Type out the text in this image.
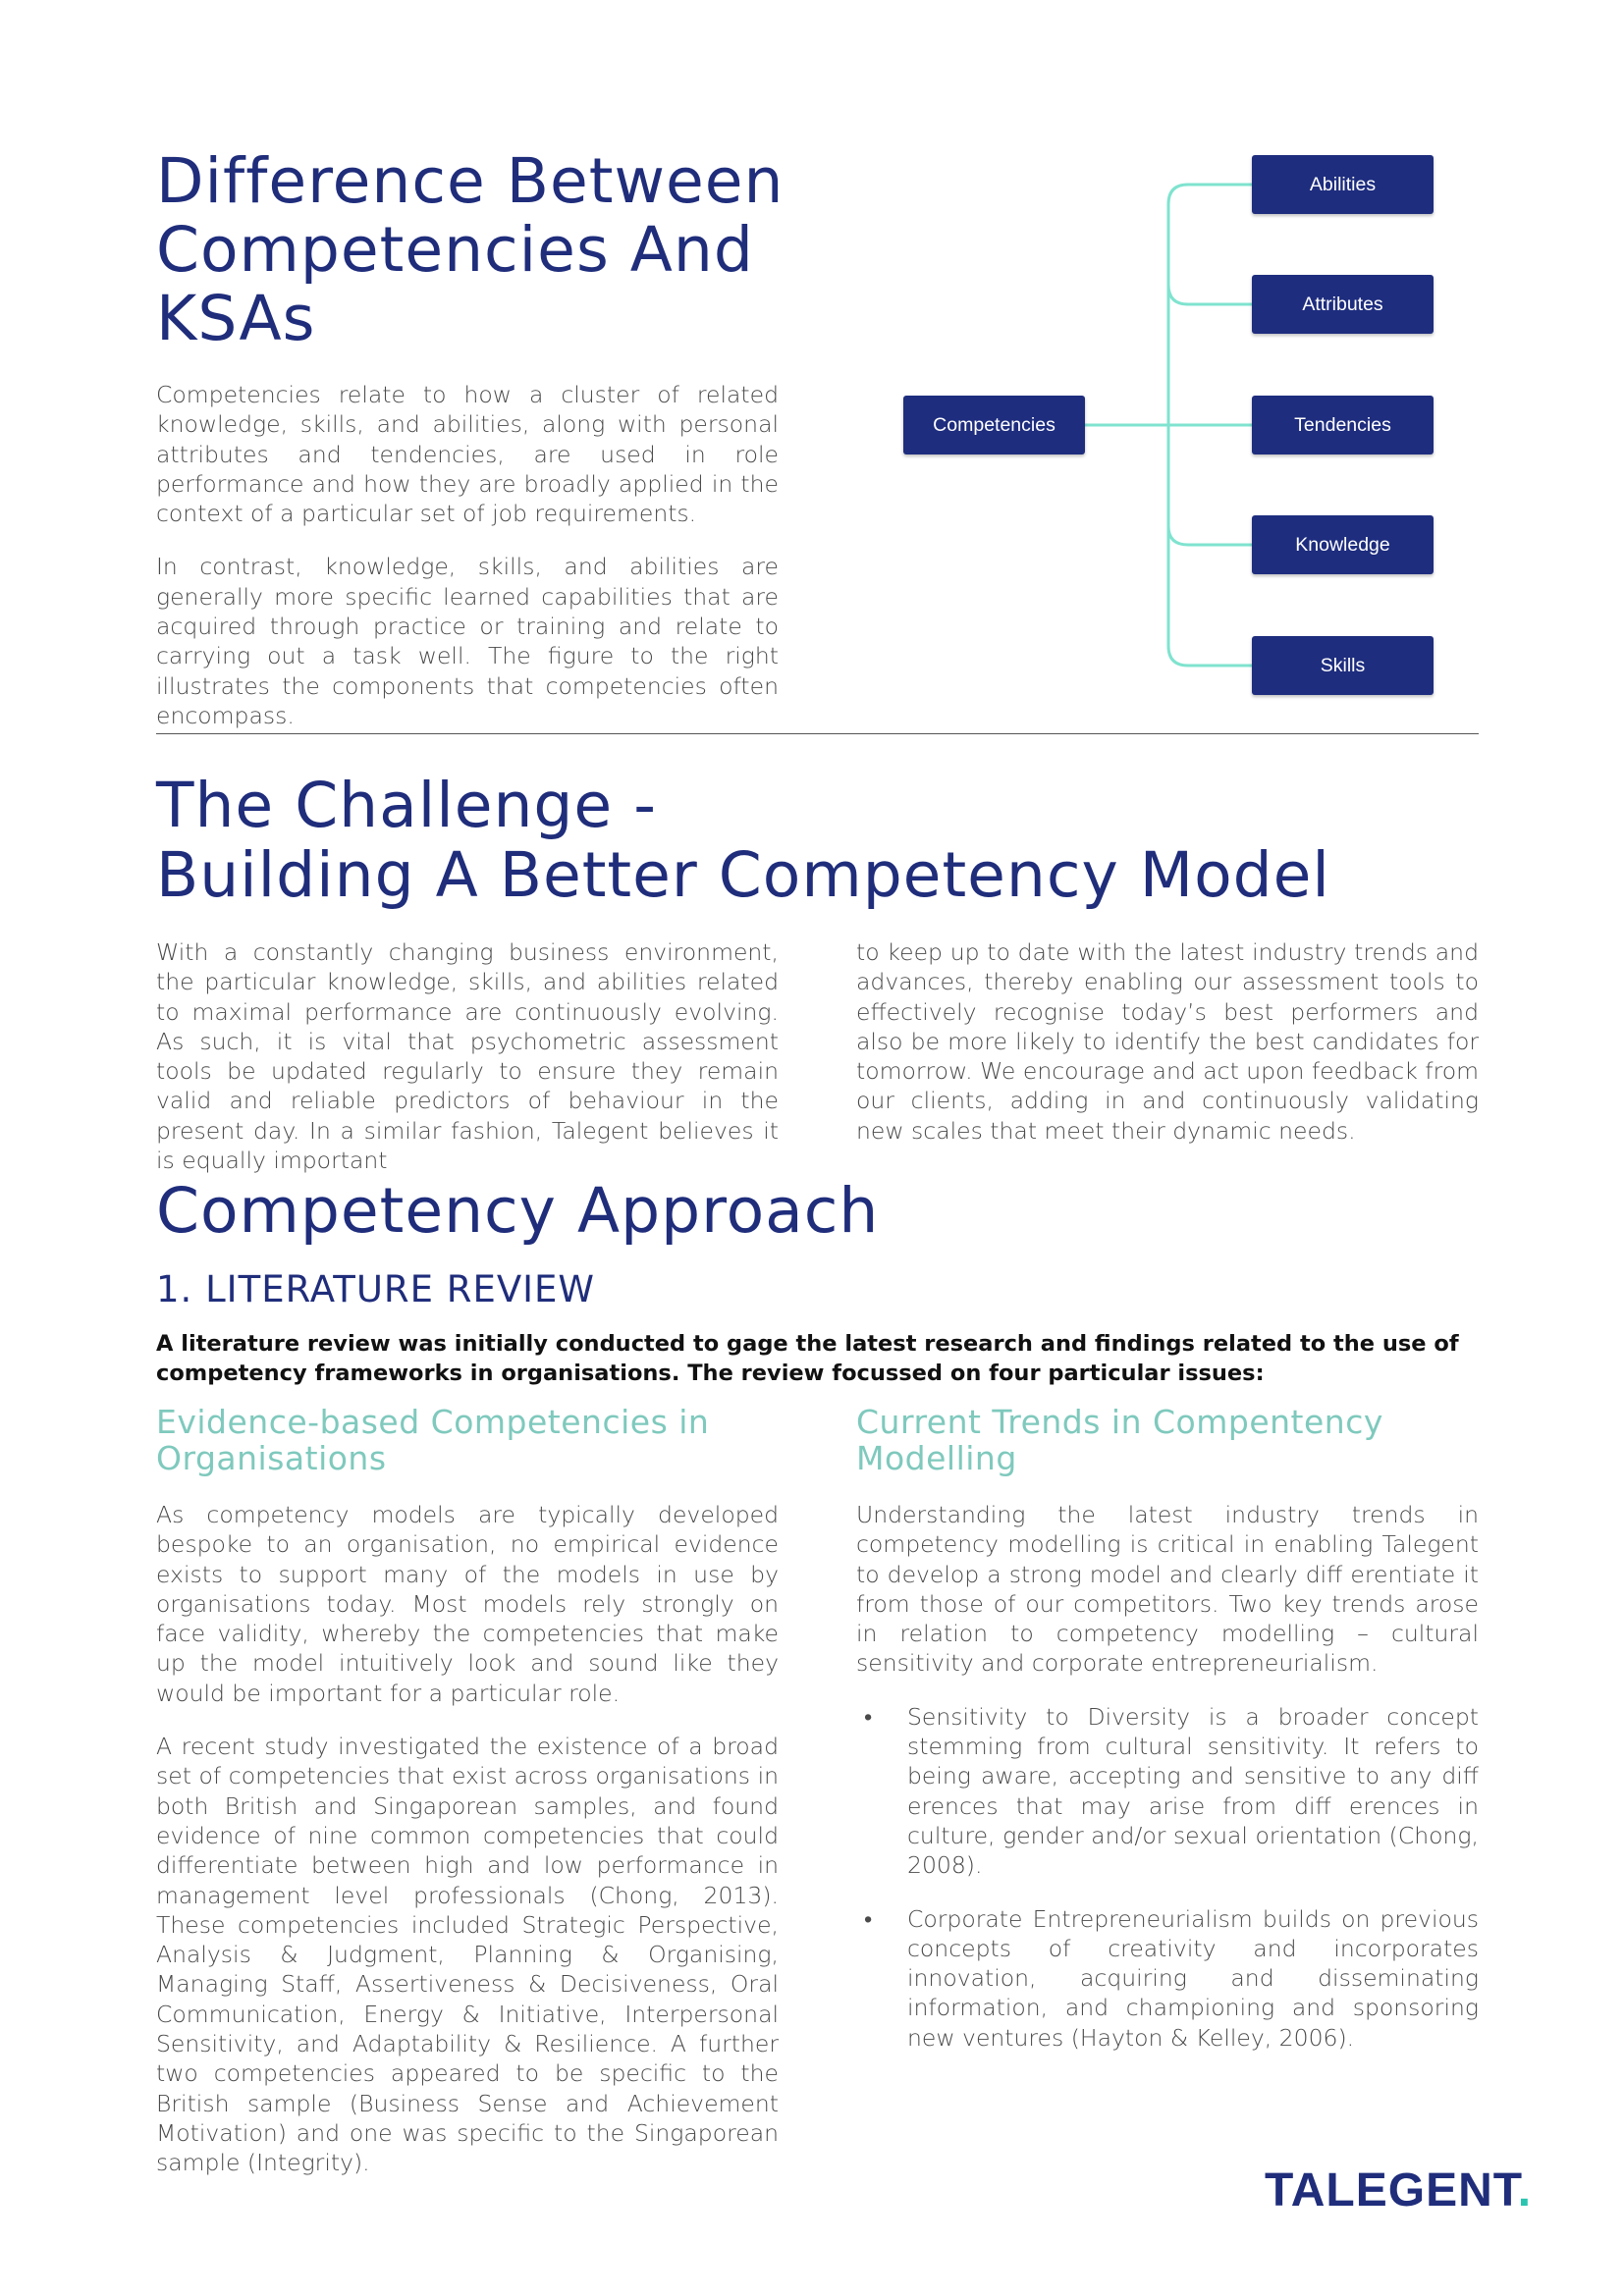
Difference Between
Competencies And
KSAs

Competencies relate to how a cluster of related knowledge, skills, and abilities, along with personal attributes and tendencies, are used in role performance and how they are broadly applied in the context of a particular set of job requirements.

In contrast, knowledge, skills, and abilities are generally more specific learned capabilities that are acquired through practice or training and relate to carrying out a task well. The figure to the right illustrates the components that competencies often encompass.

Competencies
Abilities
Attributes
Tendencies
Knowledge
Skills
The Challenge -
Building A Better Competency Model

With a constantly changing business environment, the particular knowledge, skills, and abilities related to maximal performance are continuously evolving. As such, it is vital that psychometric assessment tools be updated regularly to ensure they remain valid and reliable predictors of behaviour in the present day. In a similar fashion, Talegent believes it is equally important

to keep up to date with the latest industry trends and advances, thereby enabling our assessment tools to effectively recognise today’s best performers and also be more likely to identify the best candidates for tomorrow. We encourage and act upon feedback from our clients, adding in and continuously validating new scales that meet their dynamic needs.

Competency Approach
1. LITERATURE REVIEW

A literature review was initially conducted to gage the latest research and findings related to the use of competency frameworks in organisations. The review focussed on four particular issues:

Evidence-based Competencies in
Organisations

As competency models are typically developed bespoke to an organisation, no empirical evidence exists to support many of the models in use by organisations today. Most models rely strongly on face validity, whereby the competencies that make up the model intuitively look and sound like they would be important for a particular role.

A recent study investigated the existence of a broad set of competencies that exist across organisations in both British and Singaporean samples, and found evidence of nine common competencies that could differentiate between high and low performance in management level professionals (Chong, 2013). These competencies included Strategic Perspective, Analysis & Judgment, Planning & Organising, Managing Staff, Assertiveness & Decisiveness, Oral Communication, Energy & Initiative, Interpersonal Sensitivity, and Adaptability & Resilience. A further two competencies appeared to be specific to the British sample (Business Sense and Achievement Motivation) and one was specific to the Singaporean sample (Integrity).

Current Trends in Compentency
Modelling

Understanding the latest industry trends in competency modelling is critical in enabling Talegent to develop a strong model and clearly diff erentiate it from those of our competitors. Two key trends arose in relation to competency modelling – cultural sensitivity and corporate entrepreneurialism.

• Sensitivity to Diversity is a broader concept stemming from cultural sensitivity. It refers to being aware, accepting and sensitive to any diff erences that may arise from diff erences in culture, gender and/or sexual orientation (Chong, 2008).
• Corporate Entrepreneurialism builds on previous concepts of creativity and incorporates innovation, acquiring and disseminating information, and championing and sponsoring new ventures (Hayton & Kelley, 2006).
TALEGENT.
